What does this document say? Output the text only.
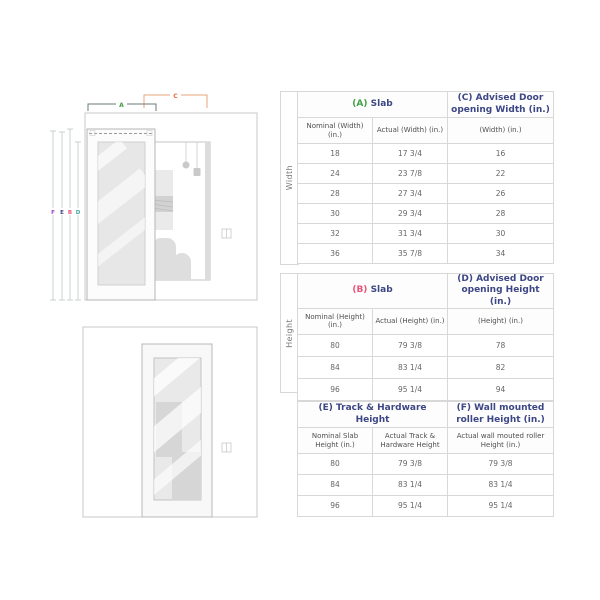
F E B D
C
A
Width
(A) Slab		(C) Advised Door opening Width (in.)
Nominal (Width) (in.)	Actual (Width) (in.)	(Width) (in.)
18	17 3/4	16
24	23 7/8	22
28	27 3/4	26
30	29 3/4	28
32	31 3/4	30
36	35 7/8	34
Height
(B) Slab		(D) Advised Door opening Height (in.)
Nominal (Height) (in.)	Actual (Height) (in.)	(Height) (in.)
80	79 3/8	78
84	83 1/4	82
96	95 1/4	94
(E) Track & Hardware Height		(F) Wall mounted roller Height (in.)
Nominal Slab Height (in.)	Actual Track & Hardware Height	Actual wall mouted roller Height (in.)
80	79 3/8	79 3/8
84	83 1/4	83 1/4
96	95 1/4	95 1/4
